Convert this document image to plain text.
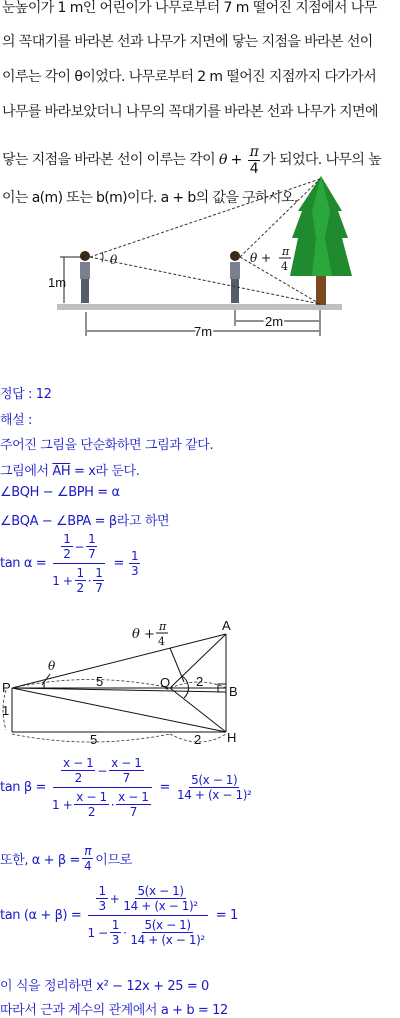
눈높이가 1 m인 어린이가 나무로부터 7 m 떨어진 지점에서 나무

의 꼭대기를 바라본 선과 나무가 지면에 닿는 지점을 바라본 선이

이루는 각이 θ이었다. 나무로부터 2 m 떨어진 지점까지 다가가서

나무를 바라보았더니 나무의 꼭대기를 바라본 선과 나무가 지면에

닿는 지점을 바라본 선이 이루는 각이 $\theta + \frac{\pi}{4}$ 가 되었다. 나무의 높

이는 a(m) 또는 b(m)이다. a + b의 값을 구하시오.

1m
θ	θ + π
4
2m
7m
정답 : 12
해설 :
주어진 그림을 단순화하면 그림과 같다.
그림에서 $\overline{AH} = x$라 둔다.
∠BQH − ∠BPH = α
∠BQA − ∠BPA = β라고 하면
$\tan \alpha = \frac{\frac{1}{2} - \frac{1}{7}}{1 + \frac{1}{2} \cdot \frac{1}{7}} = \frac{1}{3}$
θ +
π
4
A
B
H
P	Q
θ
5	2
5	2
1
$\tan \beta = \frac{\frac{x - 1}{2} - \frac{x - 1}{7}}{1 + \frac{x - 1}{2} \cdot \frac{x - 1}{7}} = \frac{5(x - 1)}{\text{14 + (x − 1)²}}$
또한, $\alpha + \beta = \frac{\pi}{4}$ 이므로
$\tan (\alpha + \beta) = \frac{\frac{1}{3} + \frac{5(x - 1)}{\text{14 + (x − 1)²}}}{1 - \frac{1}{3} \cdot \frac{5(x - 1)}{\text{14 + (x − 1)²}}} = 1$
이 식을 정리하면 x² − 12x + 25 = 0
따라서 근과 계수의 관계에서 a + b = 12
